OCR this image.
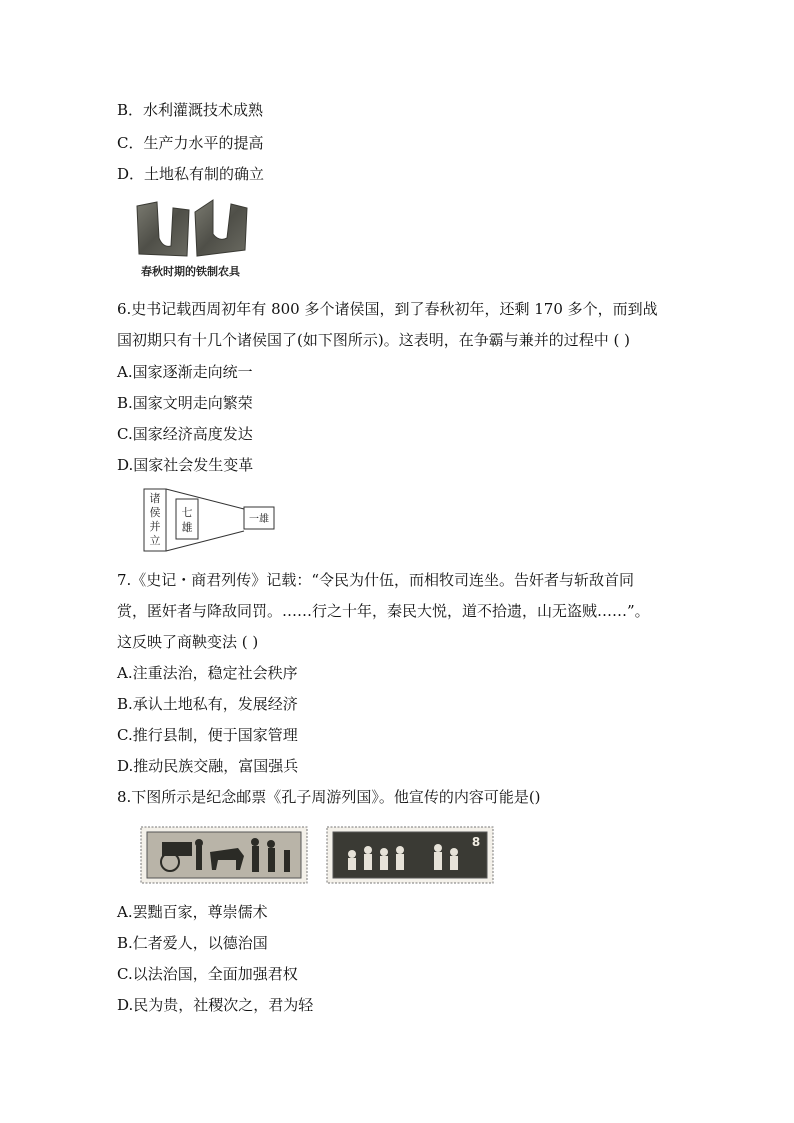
B．水利灌溉技术成熟
C．生产力水平的提高
D．土地私有制的确立
春秋时期的铁制农具
6.史书记载西周初年有 800 多个诸侯国，到了春秋初年，还剩 170 多个，而到战
国初期只有十几个诸侯国了(如下图所示)。这表明，在争霸与兼并的过程中 ( )
A.国家逐渐走向统一
B.国家文明走向繁荣
C.国家经济高度发达
D.国家社会发生变革
诸
侯
并
立
七
雄
一雄
7.《史记・商君列传》记载：“令民为什伍，而相牧司连坐。告奸者与斩敌首同
赏，匿奸者与降敌同罚。……行之十年，秦民大悦，道不拾遗，山无盗贼……”。
这反映了商鞅变法 ( )
A.注重法治，稳定社会秩序
B.承认土地私有，发展经济
C.推行县制，便于国家管理
D.推动民族交融，富国强兵
8.下图所示是纪念邮票《孔子周游列国》。他宣传的内容可能是()
8
A.罢黜百家，尊崇儒术
B.仁者爱人，以德治国
C.以法治国，全面加强君权
D.民为贵，社稷次之，君为轻
